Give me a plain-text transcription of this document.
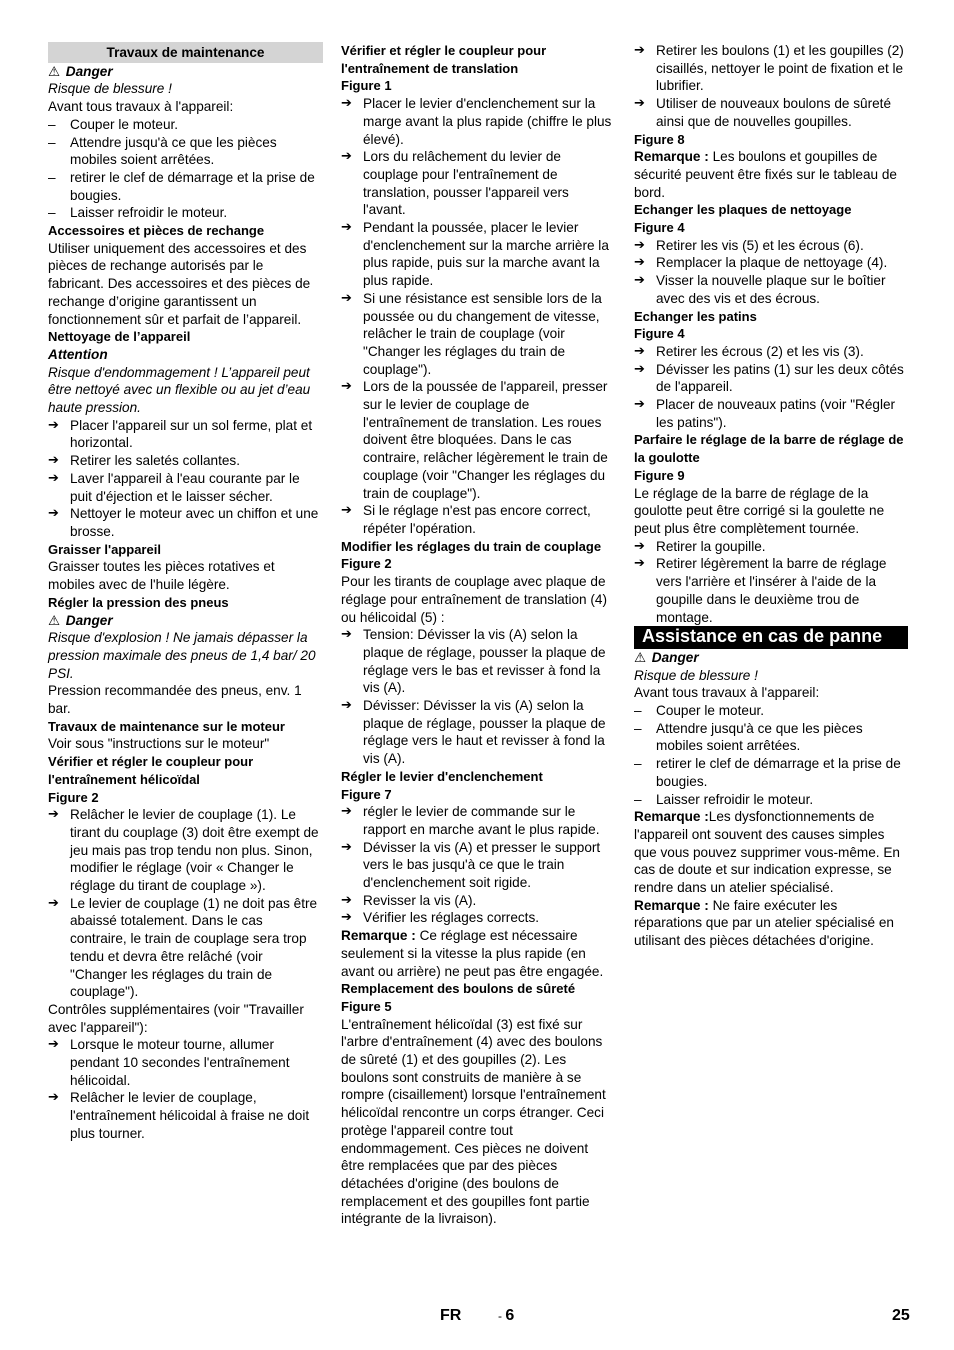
Travaux de maintenance
⚠ Danger
Risque de blessure !
Avant tous travaux à l'appareil:
– Couper le moteur.
– Attendre jusqu'à ce que les pièces mobiles soient arrêtées.
– retirer le clef de démarrage et la prise de bougies.
– Laisser refroidir le moteur.
Accessoires et pièces de rechange
Utiliser uniquement des accessoires et des pièces de rechange autorisés par le fabricant. Des accessoires et des pièces de rechange d’origine garantissent un fonctionnement sûr et parfait de l’appareil.
Nettoyage de l’appareil
Attention
Risque d'endommagement ! L’appareil peut être nettoyé avec un flexible ou au jet d’eau haute pression.
➔ Placer l'appareil sur un sol ferme, plat et horizontal.
➔ Retirer les saletés collantes.
➔ Laver l'appareil à l'eau courante par le puit d'éjection et le laisser sécher.
➔ Nettoyer le moteur avec un chiffon et une brosse.
Graisser l'appareil
Graisser toutes les pièces rotatives et mobiles avec de l'huile légère.
Régler la pression des pneus
⚠ Danger
Risque d'explosion ! Ne jamais dépasser la pression maximale des pneus de 1,4 bar/ 20 PSI.
Pression recommandée des pneus, env. 1 bar.
Travaux de maintenance sur le moteur
Voir sous "instructions sur le moteur"
Vérifier et régler le coupleur pour l'entraînement hélicoïdal
Figure 2
➔ Relâcher le levier de couplage (1). Le tirant du couplage (3) doit être exempt de jeu mais pas trop tendu non plus. Sinon, modifier le réglage (voir « Changer le réglage du tirant de couplage »).
➔ Le levier de couplage (1) ne doit pas être abaissé totalement. Dans le cas contraire, le train de couplage sera trop tendu et devra être relâché (voir "Changer les réglages du train de couplage").
Contrôles supplémentaires (voir "Travailler avec l'appareil"):
➔ Lorsque le moteur tourne, allumer pendant 10 secondes l'entraînement hélicoidal.
➔ Relâcher le levier de couplage, l'entraînement hélicoidal à fraise ne doit plus tourner.
Vérifier et régler le coupleur pour l'entraînement de translation
Figure 1
➔ Placer le levier d'enclenchement sur la marge avant la plus rapide (chiffre le plus élevé).
➔ Lors du relâchement du levier de couplage pour l'entraînement de translation, pousser l'appareil vers l'avant.
➔ Pendant la poussée, placer le levier d'enclenchement sur la marche arrière la plus rapide, puis sur la marche avant la plus rapide.
➔ Si une résistance est sensible lors de la poussée ou du changement de vitesse, relâcher le train de couplage (voir "Changer les réglages du train de couplage").
➔ Lors de la poussée de l'appareil, presser sur le levier de couplage de l'entraînement de translation. Les roues doivent être bloquées. Dans le cas contraire, relâcher légèrement le train de couplage (voir "Changer les réglages du train de couplage").
➔ Si le réglage n'est pas encore correct, répéter l'opération.
Modifier les réglages du train de couplage
Figure 2
Pour les tirants de couplage avec plaque de réglage pour entraînement de translation (4) ou hélicoidal (5) :
➔ Tension: Dévisser la vis (A) selon la plaque de réglage, pousser la plaque de réglage vers le bas et revisser à fond la vis (A).
➔ Dévisser: Dévisser la vis (A) selon la plaque de réglage, pousser la plaque de réglage vers le haut et revisser à fond la vis (A).
Régler le levier d'enclenchement
Figure 7
➔ régler le levier de commande sur le rapport en marche avant le plus rapide.
➔ Dévisser la vis (A) et presser le support vers le bas jusqu'à ce que le train d'enclenchement soit rigide.
➔ Revisser la vis (A).
➔ Vérifier les réglages corrects.
Remarque : Ce réglage est nécessaire seulement si la vitesse la plus rapide (en avant ou arrière) ne peut pas être engagée.
Remplacement des boulons de sûreté
Figure 5
L'entraînement hélicoïdal (3) est fixé sur l'arbre d'entraînement (4) avec des boulons de sûreté (1) et des goupilles (2). Les boulons sont construits de manière à se rompre (cisaillement) lorsque l'entraînement hélicoïdal rencontre un corps étranger. Ceci protège l'appareil contre tout endommagement. Ces pièces ne doivent être remplacées que par des pièces détachées d'origine (des boulons de remplacement et des goupilles font partie intégrante de la livraison).
➔ Retirer les boulons (1) et les goupilles (2) cisaillés, nettoyer le point de fixation et le lubrifier.
➔ Utiliser de nouveaux boulons de sûreté ainsi que de nouvelles goupilles.
Figure 8
Remarque : Les boulons et goupilles de sécurité peuvent être fixés sur le tableau de bord.
Echanger les plaques de nettoyage
Figure 4
➔ Retirer les vis (5) et les écrous (6).
➔ Remplacer la plaque de nettoyage (4).
➔ Visser la nouvelle plaque sur le boîtier avec des vis et des écrous.
Echanger les patins
Figure 4
➔ Retirer les écrous (2) et les vis (3).
➔ Dévisser les patins (1) sur les deux côtés de l'appareil.
➔ Placer de nouveaux patins (voir "Régler les patins").
Parfaire le réglage de la barre de réglage de la goulotte
Figure 9
Le réglage de la barre de réglage de la goulotte peut être corrigé si la goulette ne peut plus être complètement tournée.
➔ Retirer la goupille.
➔ Retirer légèrement la barre de réglage vers l'arrière et l'insérer à l'aide de la goupille dans le deuxième trou de montage.
Assistance en cas de panne
⚠ Danger
Risque de blessure !
Avant tous travaux à l'appareil:
– Couper le moteur.
– Attendre jusqu'à ce que les pièces mobiles soient arrêtées.
– retirer le clef de démarrage et la prise de bougies.
– Laisser refroidir le moteur.
Remarque :Les dysfonctionnements de l'appareil ont souvent des causes simples que vous pouvez supprimer vous-même. En cas de doute et sur indication expresse, se rendre dans un atelier spécialisé.
Remarque : Ne faire exécuter les réparations que par un atelier spécialisé en utilisant des pièces détachées d'origine.
FR	- 6	25
